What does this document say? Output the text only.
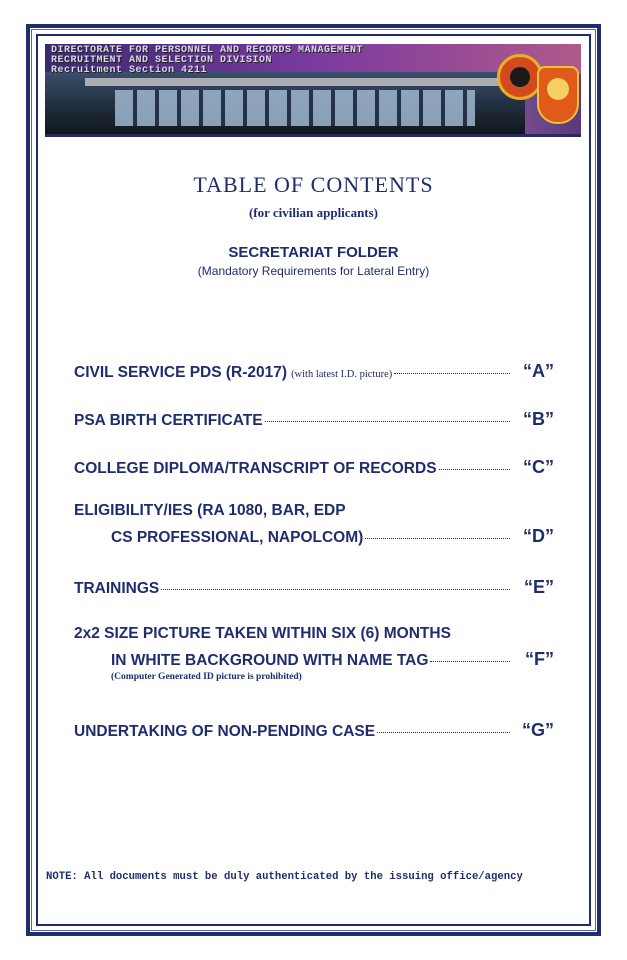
DIRECTORATE FOR PERSONNEL AND RECORDS MANAGEMENT
RECRUITMENT AND SELECTION DIVISION
Recruitment Section 4211
TABLE OF CONTENTS
(for civilian applicants)
SECRETARIAT FOLDER
(Mandatory Requirements for Lateral Entry)
CIVIL SERVICE PDS (R-2017) (with latest I.D. picture)	“A”
PSA BIRTH CERTIFICATE	“B”
COLLEGE DIPLOMA/TRANSCRIPT OF RECORDS	“C”
ELIGIBILITY/IES (RA 1080, BAR, EDP
CS PROFESSIONAL, NAPOLCOM)	“D”
TRAININGS	“E”
2x2 SIZE PICTURE TAKEN WITHIN SIX (6) MONTHS
IN WHITE BACKGROUND WITH NAME TAG	“F”
(Computer Generated ID picture is prohibited)
UNDERTAKING OF NON-PENDING CASE	“G”
NOTE: All documents must be duly authenticated by the issuing office/agency
